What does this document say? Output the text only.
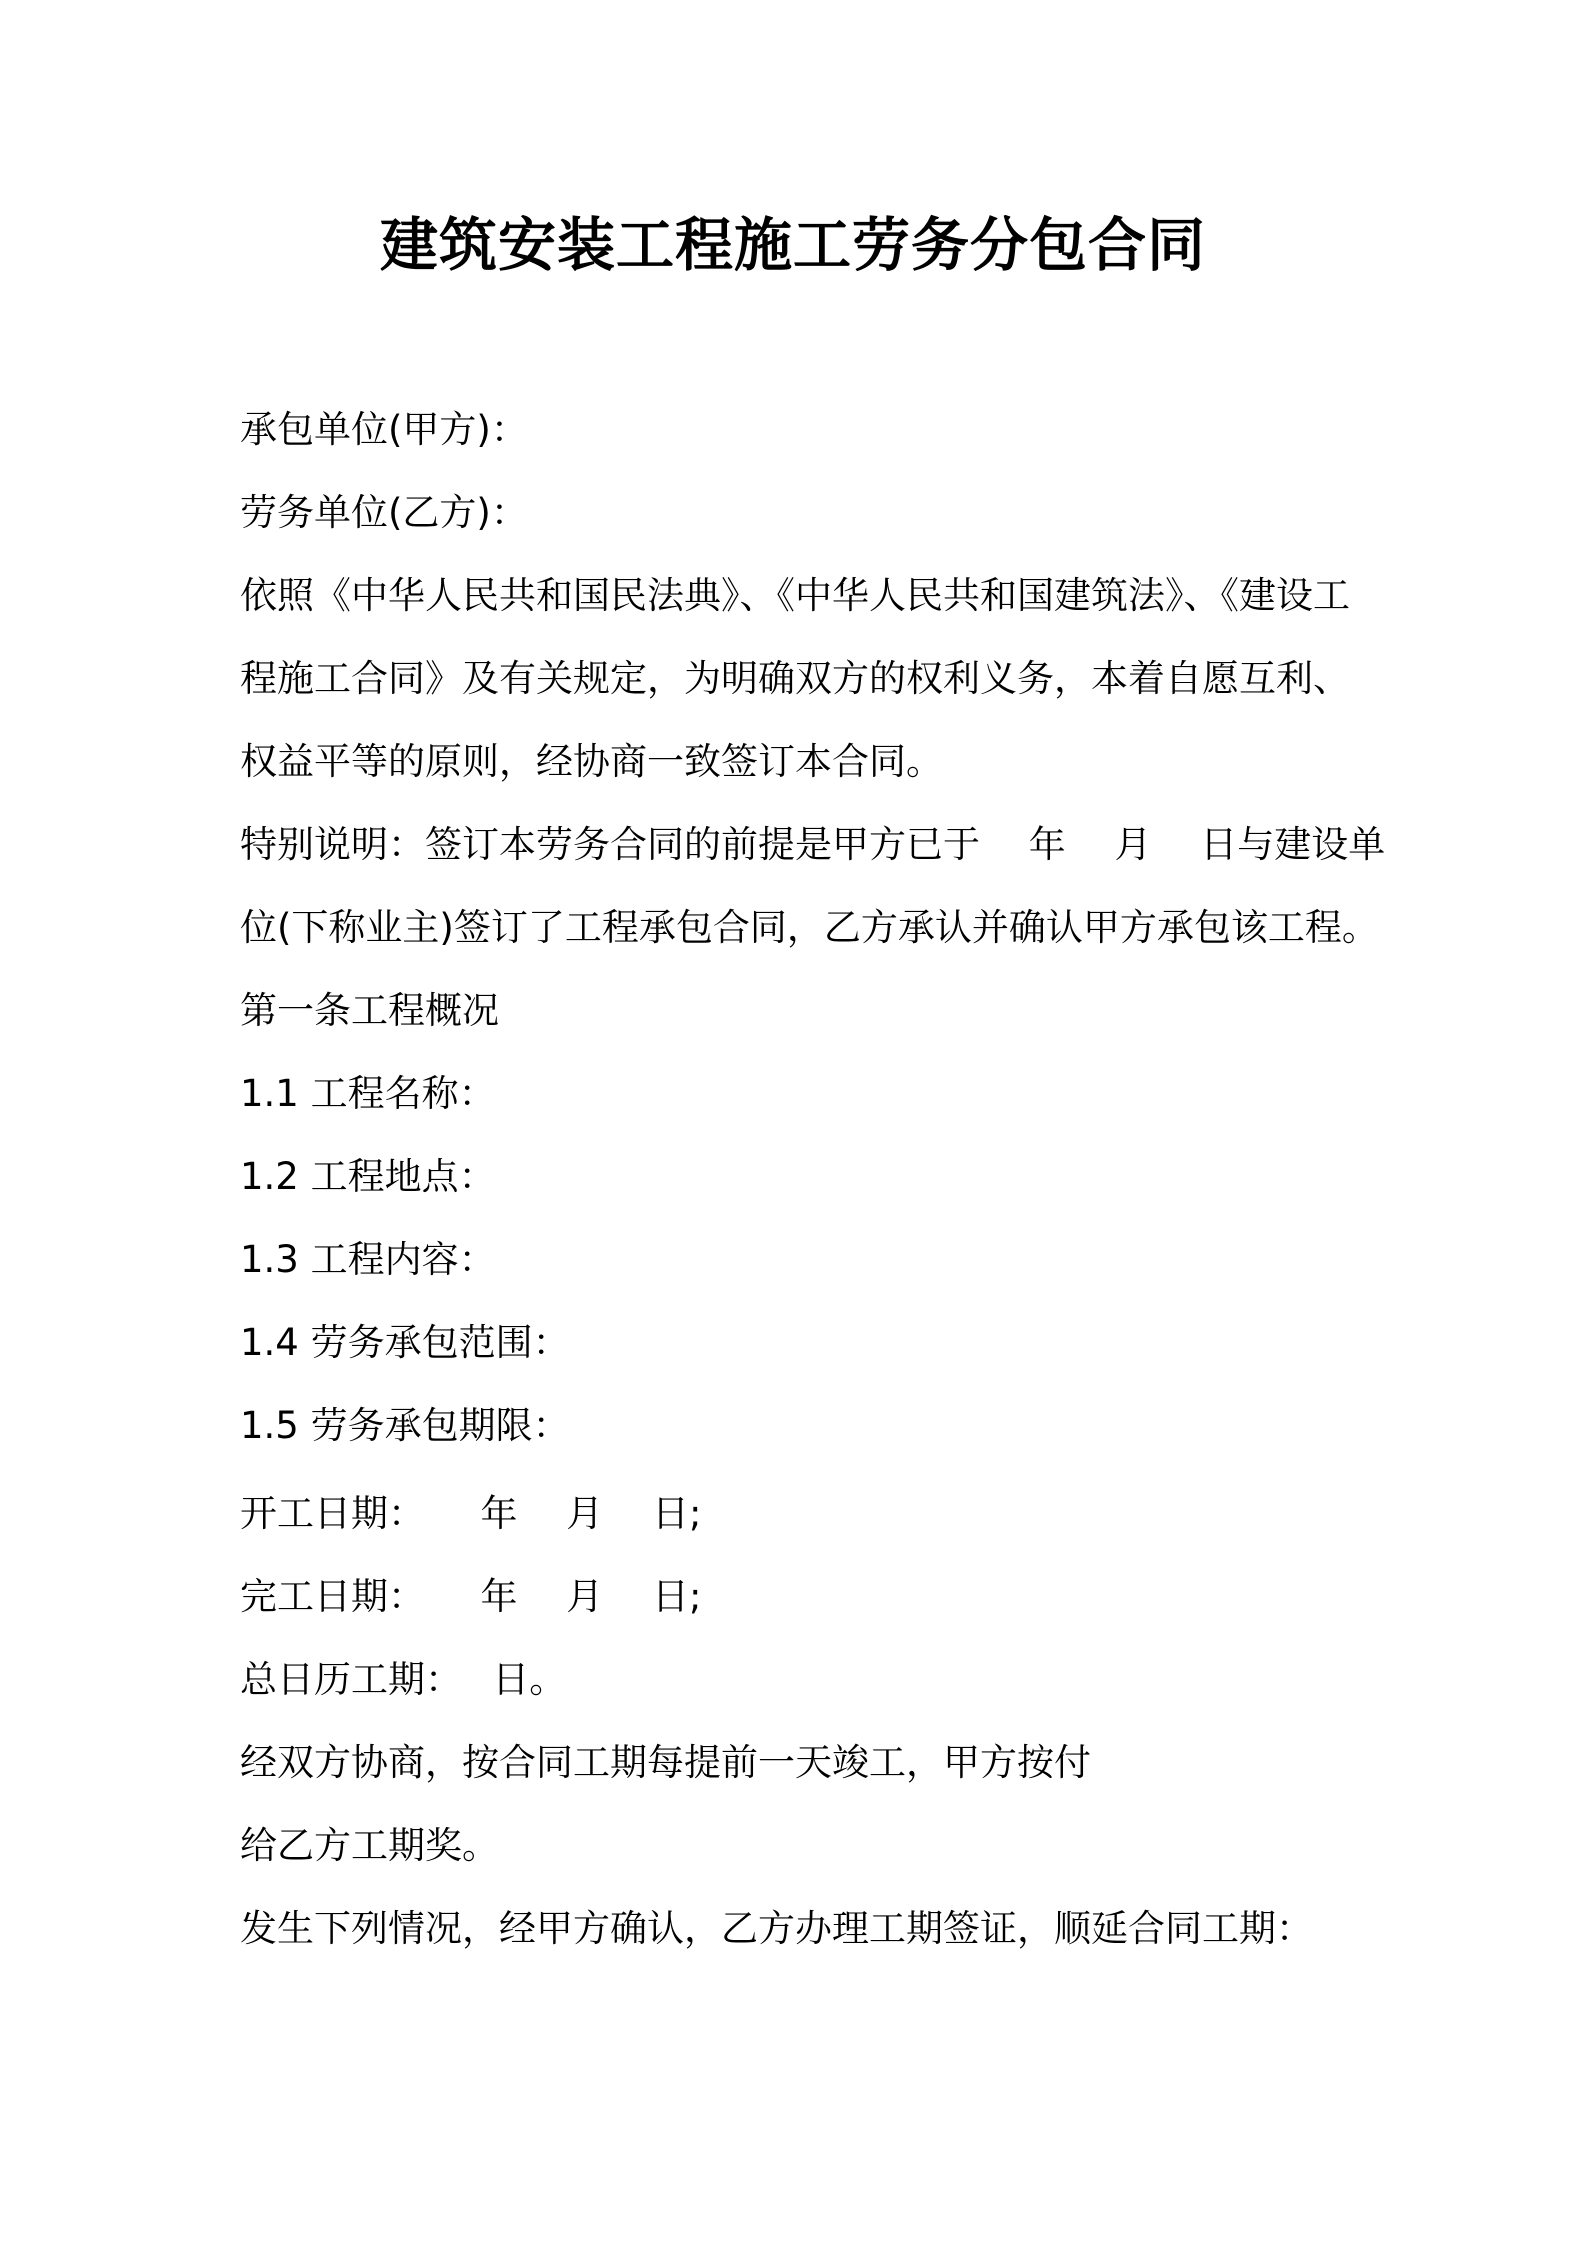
建筑安装工程施工劳务分包合同
承包单位(甲方)：
劳务单位(乙方)：
依照《中华人民共和国民法典》、《中华人民共和国建筑法》、《建设工
程施工合同》及有关规定，为明确双方的权利义务，本着自愿互利、
权益平等的原则，经协商一致签订本合同。
特别说明：签订本劳务合同的前提是甲方已于　 年　 月　 日与建设单
位(下称业主)签订了工程承包合同，乙方承认并确认甲方承包该工程。
第一条工程概况
1.1 工程名称：
1.2 工程地点：
1.3 工程内容：
1.4 劳务承包范围：
1.5 劳务承包期限：
开工日期：　　年　 月　 日;
完工日期：　　年　 月　 日;
总日历工期：　 日。
经双方协商，按合同工期每提前一天竣工，甲方按付
给乙方工期奖。
发生下列情况，经甲方确认，乙方办理工期签证，顺延合同工期：
